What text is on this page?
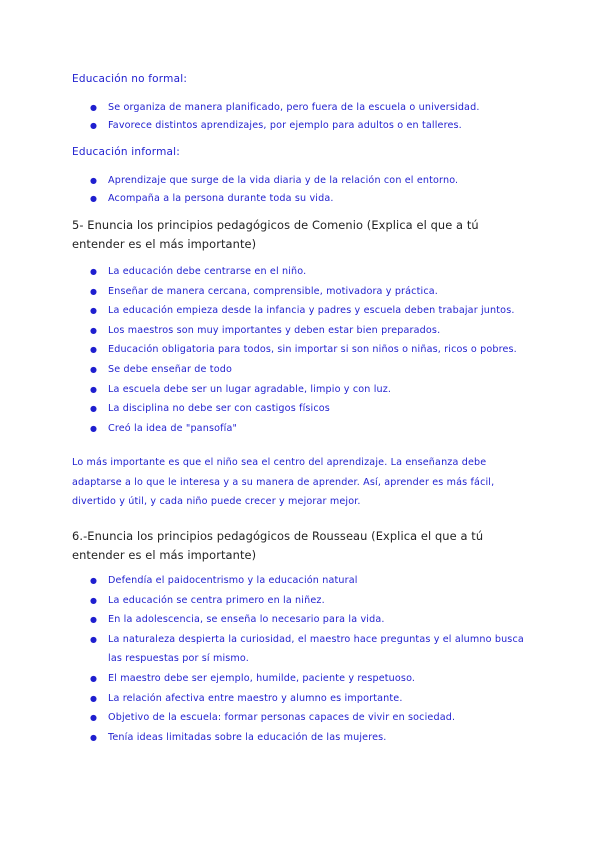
Educación no formal:
● Se organiza de manera planificado, pero fuera de la escuela o universidad.
● Favorece distintos aprendizajes, por ejemplo para adultos o en talleres.
Educación informal:
● Aprendizaje que surge de la vida diaria y de la relación con el entorno.
● Acompaña a la persona durante toda su vida.
5- Enuncia los principios pedagógicos de Comenio (Explica el que a tú entender es el más importante)
● La educación debe centrarse en el niño.
● Enseñar de manera cercana, comprensible, motivadora y práctica.
● La educación empieza desde la infancia y padres y escuela deben trabajar juntos.
● Los maestros son muy importantes y deben estar bien preparados.
● Educación obligatoria para todos, sin importar si son niños o niñas, ricos o pobres.
● Se debe enseñar de todo
● La escuela debe ser un lugar agradable, limpio y con luz.
● La disciplina no debe ser con castigos físicos
● Creó la idea de "pansofía"
Lo más importante es que el niño sea el centro del aprendizaje. La enseñanza debe adaptarse a lo que le interesa y a su manera de aprender. Así, aprender es más fácil, divertido y útil, y cada niño puede crecer y mejorar mejor.
6.-Enuncia los principios pedagógicos de Rousseau (Explica el que a tú entender es el más importante)
● Defendía el paidocentrismo y la educación natural
● La educación se centra primero en la niñez.
● En la adolescencia, se enseña lo necesario para la vida.
● La naturaleza despierta la curiosidad, el maestro hace preguntas y el alumno busca las respuestas por sí mismo.
● El maestro debe ser ejemplo, humilde, paciente y respetuoso.
● La relación afectiva entre maestro y alumno es importante.
● Objetivo de la escuela: formar personas capaces de vivir en sociedad.
● Tenía ideas limitadas sobre la educación de las mujeres.
